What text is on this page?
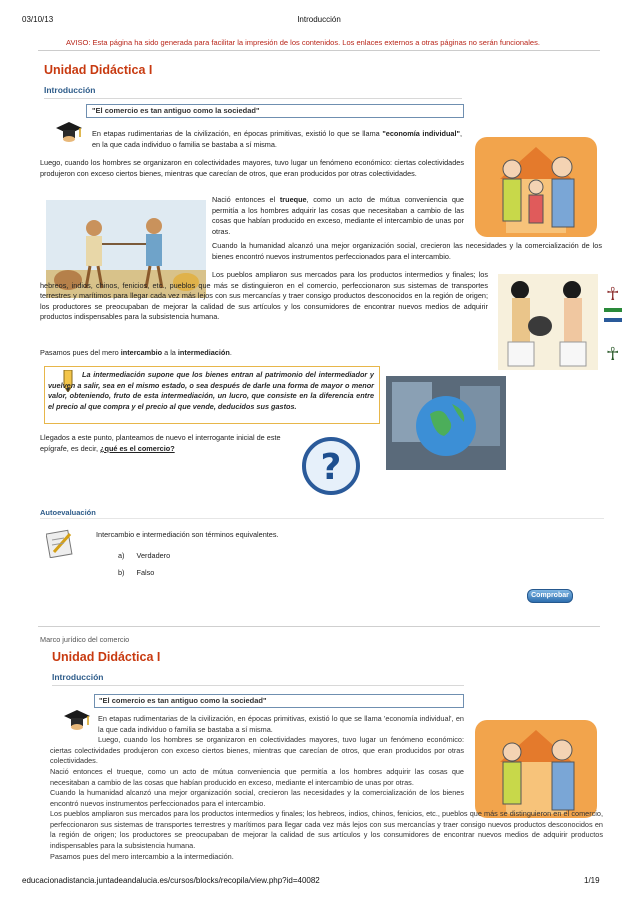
03/10/13	Introducción
AVISO: Esta página ha sido generada para facilitar la impresión de los contenidos. Los enlaces externos a otras páginas no serán funcionales.
Unidad Didáctica I
Introducción
"El comercio es tan antiguo como la sociedad"
En etapas rudimentarias de la civilización, en épocas primitivas, existió lo que se llama "economía individual", en la que cada individuo o familia se bastaba a sí misma.
Luego, cuando los hombres se organizaron en colectividades mayores, tuvo lugar un fenómeno económico: ciertas colectividades produjeron con exceso ciertos bienes, mientras que carecían de otros, que eran producidos por otras colectividades.
Nació entonces el trueque, como un acto de mútua conveniencia que permitía a los hombres adquirir las cosas que necesitaban a cambio de las cosas que habían producido en exceso, mediante el intercambio de unas por otras.
Cuando la humanidad alcanzó una mejor organización social, crecieron las necesidades y la comercialización de los bienes encontró nuevos instrumentos perfeccionados para el intercambio.
Los pueblos ampliaron sus mercados para los productos intermedios y finales; los hebreos, indios, chinos, fenicios, etc., pueblos que más se distinguieron en el comercio, perfeccionaron sus sistemas de transportes terrestres y marítimos para llegar cada vez más lejos con sus mercancías y traer consigo productos desconocidos en la región de origen; los productores se preocupaban de mejorar la calidad de sus artículos y los consumidores de encontrar nuevos medios de adquirir productos indispensables para la subsistencia humana.
☥
☥
Pasamos pues del mero intercambio a la intermediación.
La intermediación supone que los bienes entran al patrimonio del intermediador y vuelven a salir, sea en el mismo estado, o sea después de darle una forma de mayor o menor valor, obteniendo, fruto de esta intermediación, un lucro, que consiste en la diferencia entre el precio al que compra y el precio al que vende, deducidos sus gastos.
Llegados a este punto, planteamos de nuevo el interrogante inicial de este epígrafe, es decir, ¿qué es el comercio?	?
Autoevaluación
Intercambio e intermediación son términos equivalentes.
a) Verdadero
b) Falso
Comprobar
Marco jurídico del comercio
Unidad Didáctica I
Introducción
"El comercio es tan antiguo como la sociedad"
En etapas rudimentarias de la civilización, en épocas primitivas, existió lo que se llama 'economía individual', en la que cada individuo o familia se bastaba a sí misma.
Luego, cuando los hombres se organizaron en colectividades mayores, tuvo lugar un fenómeno económico: ciertas colectividades produjeron con exceso ciertos bienes, mientras que carecían de otros, que eran producidos por otras colectividades.
Nació entonces el trueque, como un acto de mútua conveniencia que permitía a los hombres adquirir las cosas que necesitaban a cambio de las cosas que habían producido en exceso, mediante el intercambio de unas por otras.
Cuando la humanidad alcanzó una mejor organización social, crecieron las necesidades y la comercialización de los bienes encontró nuevos instrumentos perfeccionados para el intercambio.
Los pueblos ampliaron sus mercados para los productos intermedios y finales; los hebreos, indios, chinos, fenicios, etc., pueblos que más se distinguieron en el comercio, perfeccionaron sus sistemas de transportes terrestres y marítimos para llegar cada vez más lejos con sus mercancías y traer consigo nuevos productos desconocidos en la región de origen; los productores se preocupaban de mejorar la calidad de sus artículos y los consumidores de encontrar nuevos medios de adquirir productos indispensables para la subsistencia humana.
Pasamos pues del mero intercambio a la intermediación.
educacionadistancia.juntadeandalucia.es/cursos/blocks/recopila/view.php?id=40082	1/19
